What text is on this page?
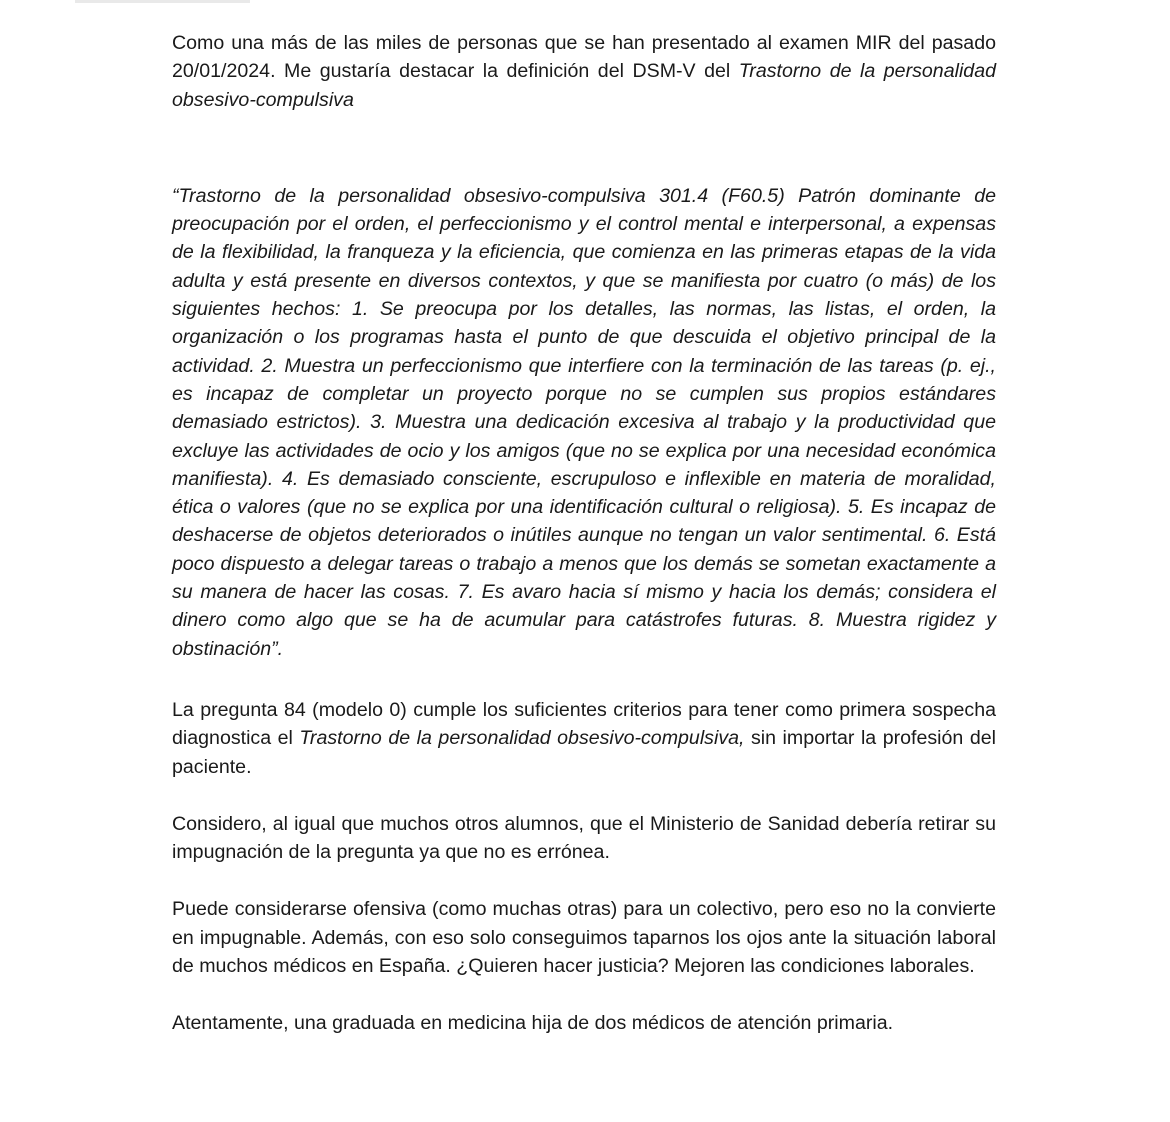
Como una más de las miles de personas que se han presentado al examen MIR del pasado 20/01/2024. Me gustaría destacar la definición del DSM-V del Trastorno de la personalidad obsesivo-compulsiva

“Trastorno de la personalidad obsesivo-compulsiva 301.4 (F60.5) Patrón dominante de preocupación por el orden, el perfeccionismo y el control mental e interpersonal, a expensas de la flexibilidad, la franqueza y la eficiencia, que comienza en las primeras etapas de la vida adulta y está presente en diversos contextos, y que se manifiesta por cuatro (o más) de los siguientes hechos: 1. Se preocupa por los detalles, las normas, las listas, el orden, la organización o los programas hasta el punto de que descuida el objetivo principal de la actividad. 2. Muestra un perfeccionismo que interfiere con la terminación de las tareas (p. ej., es incapaz de completar un proyecto porque no se cumplen sus propios estándares demasiado estrictos). 3. Muestra una dedicación excesiva al trabajo y la productividad que excluye las actividades de ocio y los amigos (que no se explica por una necesidad económica manifiesta). 4. Es demasiado consciente, escrupuloso e inflexible en materia de moralidad, ética o valores (que no se explica por una identificación cultural o religiosa). 5. Es incapaz de deshacerse de objetos deteriorados o inútiles aunque no tengan un valor sentimental. 6. Está poco dispuesto a delegar tareas o trabajo a menos que los demás se sometan exactamente a su manera de hacer las cosas. 7. Es avaro hacia sí mismo y hacia los demás; considera el dinero como algo que se ha de acumular para catástrofes futuras. 8. Muestra rigidez y obstinación”.

La pregunta 84 (modelo 0) cumple los suficientes criterios para tener como primera sospecha diagnostica el Trastorno de la personalidad obsesivo-compulsiva, sin importar la profesión del paciente.

Considero, al igual que muchos otros alumnos, que el Ministerio de Sanidad debería retirar su impugnación de la pregunta ya que no es errónea.

Puede considerarse ofensiva (como muchas otras) para un colectivo, pero eso no la convierte en impugnable. Además, con eso solo conseguimos taparnos los ojos ante la situación laboral de muchos médicos en España. ¿Quieren hacer justicia? Mejoren las condiciones laborales.

Atentamente, una graduada en medicina hija de dos médicos de atención primaria.
